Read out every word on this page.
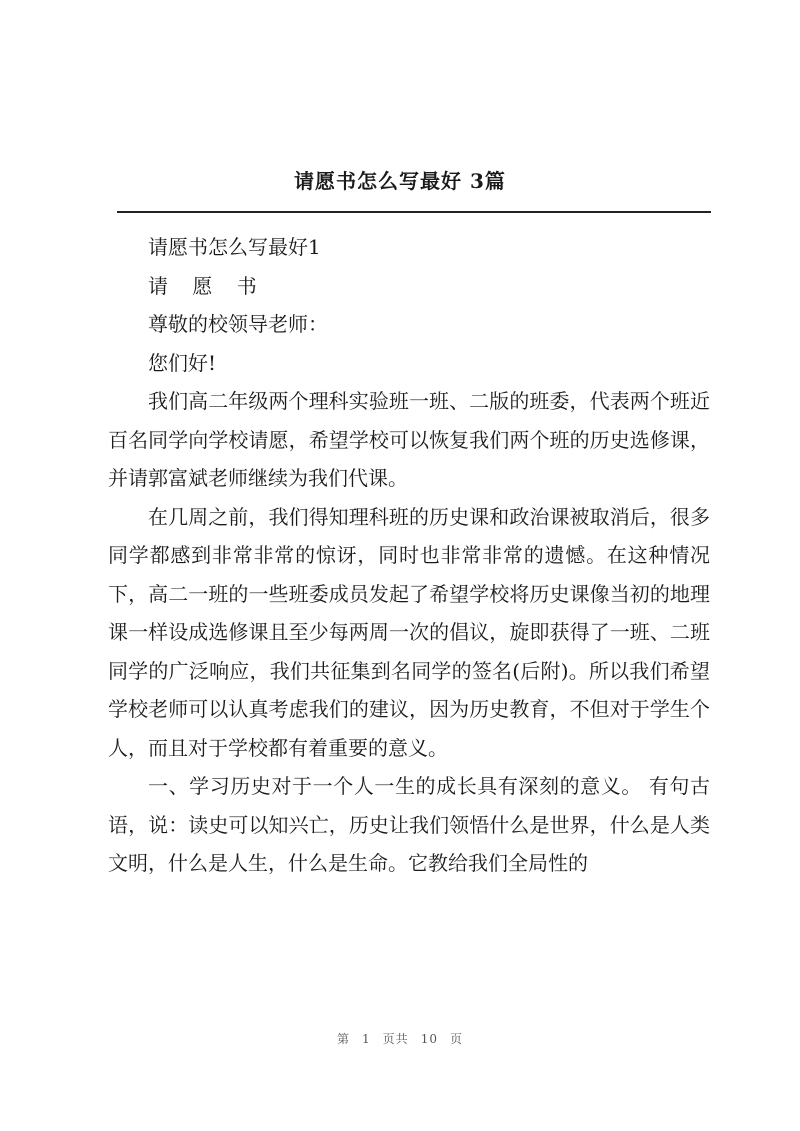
请愿书怎么写最好 3篇

请愿书怎么写最好1

请 愿 书

尊敬的校领导老师：

您们好!

我们高二年级两个理科实验班一班、二版的班委，代表两个班近百名同学向学校请愿，希望学校可以恢复我们两个班的历史选修课，并请郭富斌老师继续为我们代课。

在几周之前，我们得知理科班的历史课和政治课被取消后，很多同学都感到非常非常的惊讶，同时也非常非常的遗憾。在这种情况下，高二一班的一些班委成员发起了希望学校将历史课像当初的地理课一样设成选修课且至少每两周一次的倡议，旋即获得了一班、二班同学的广泛响应，我们共征集到名同学的签名(后附)。所以我们希望学校老师可以认真考虑我们的建议，因为历史教育，不但对于学生个人，而且对于学校都有着重要的意义。

一、学习历史对于一个人一生的成长具有深刻的意义。 有句古语，说：读史可以知兴亡，历史让我们领悟什么是世界，什么是人类文明，什么是人生，什么是生命。它教给我们全局性的

第 1 页共 10 页
